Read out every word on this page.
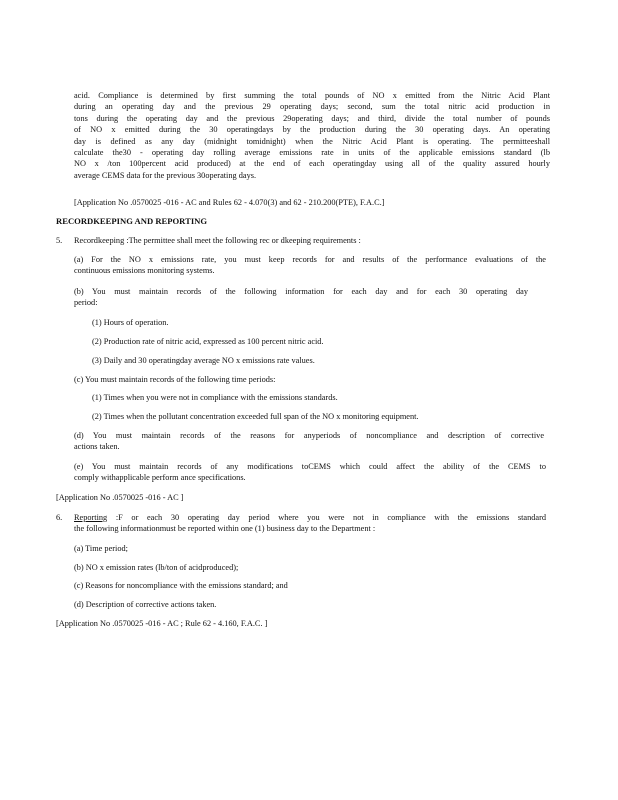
acid. Compliance is determined by first summing the total pounds of NO x emitted from the Nitric Acid Plant
during an operating day and the previous 29 operating days; second, sum the total nitric acid production in
tons during the operating day and the previous 29operating days; and third, divide the total number of pounds
of NO x emitted during the 30 operatingdays by the production during the 30 operating days. An operating
day is defined as any day (midnight tomidnight) when the Nitric Acid Plant is operating. The permitteeshall
calculate the30 - operating day rolling average emissions rate in units of the applicable emissions standard (lb
NO x /ton 100percent acid produced) at the end of each operatingday using all of the quality assured hourly
average CEMS data for the previous 30operating days.
[Application No .0570025 -016 - AC and Rules 62 - 4.070(3) and 62 - 210.200(PTE), F.A.C.]
RECORDKEEPING AND REPORTING
5. Recordkeeping :The permittee shall meet the following rec or dkeeping requirements :
(a) For the NO x emissions rate, you must keep records for and results of the performance evaluations of the
continuous emissions monitoring systems.
(b) You must maintain records of the following information for each day and for each 30 operating day
period:
(1) Hours of operation.
(2) Production rate of nitric acid, expressed as 100 percent nitric acid.
(3) Daily and 30 operatingday average NO x emissions rate values.
(c) You must maintain records of the following time periods:
(1) Times when you were not in compliance with the emissions standards.
(2) Times when the pollutant concentration exceeded full span of the NO x monitoring equipment.
(d) You must maintain records of the reasons for anyperiods of noncompliance and description of corrective
actions taken.
(e) You must maintain records of any modifications toCEMS which could affect the ability of the CEMS to
comply withapplicable perform ance specifications.
[Application No .0570025 -016 - AC ]
6. Reporting :F or each 30 operating day period where you were not in compliance with the emissions standard
the following informationmust be reported within one (1) business day to the Department :
(a) Time period;
(b) NO x emission rates (lb/ton of acidproduced);
(c) Reasons for noncompliance with the emissions standard; and
(d) Description of corrective actions taken.
[Application No .0570025 -016 - AC ; Rule 62 - 4.160, F.A.C. ]
